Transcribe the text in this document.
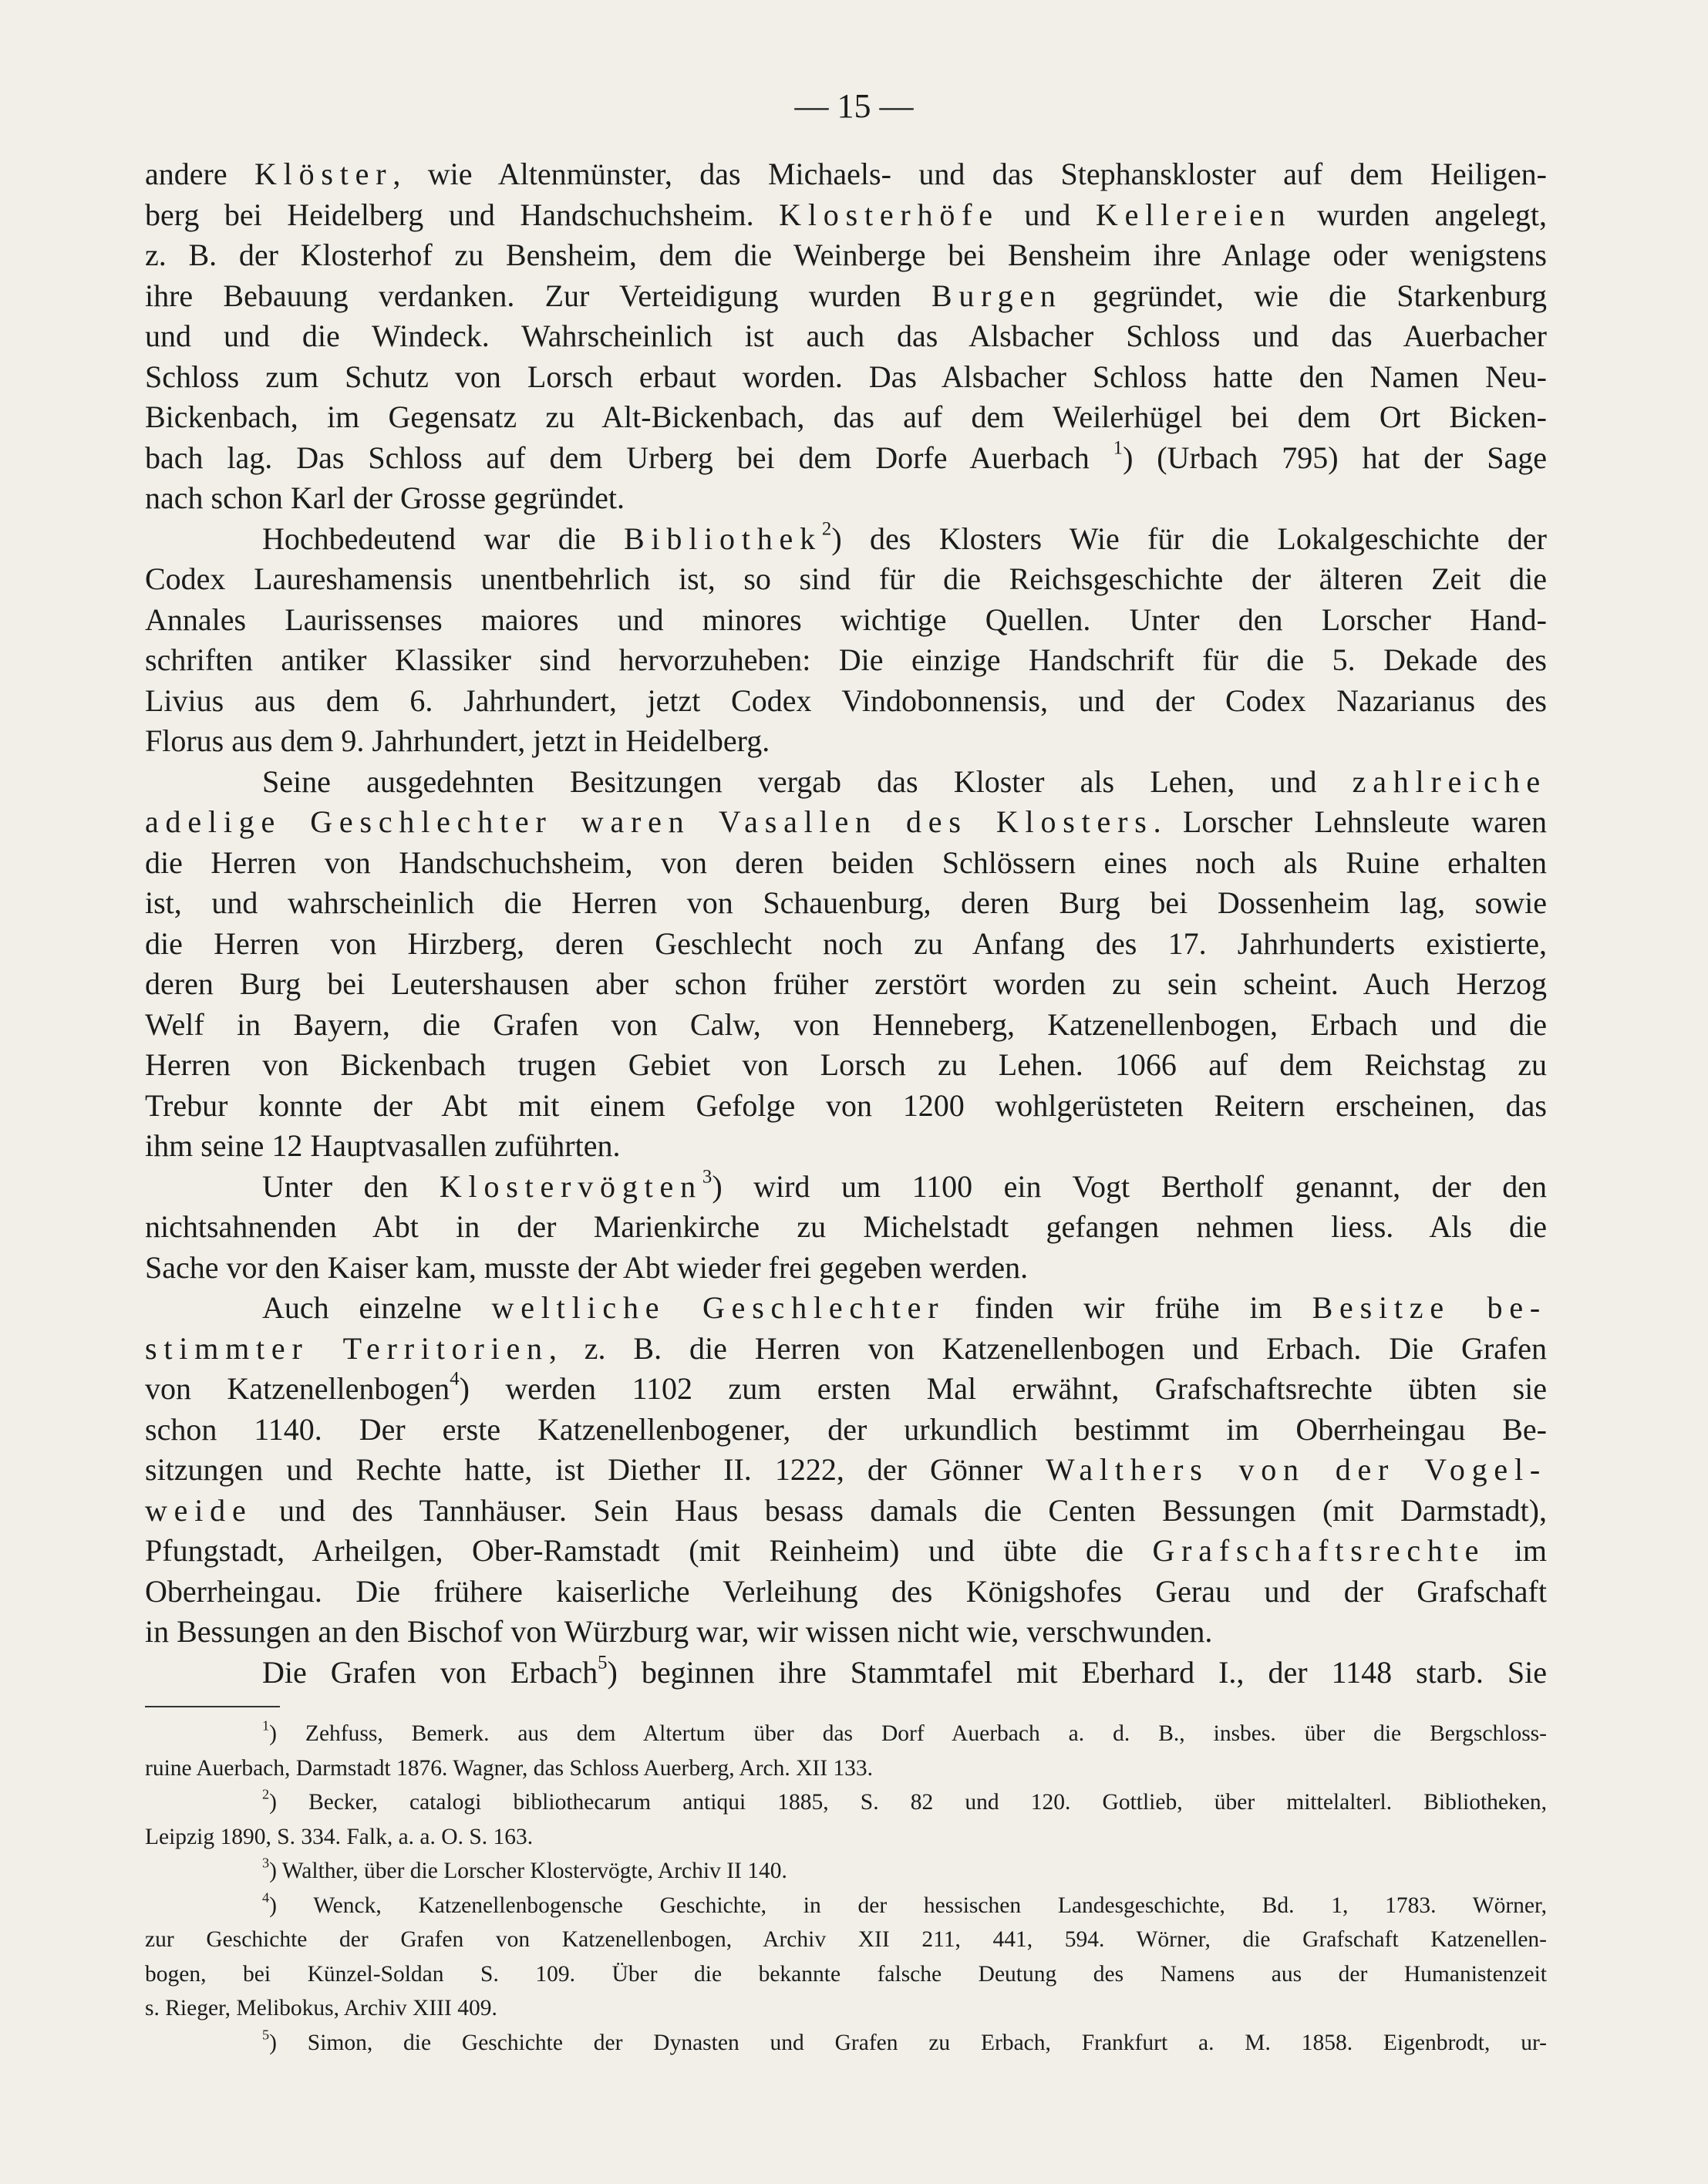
— 15 —
andere Klöster, wie Altenmünster, das Michaels- und das Stephanskloster auf dem Heiligen-
berg bei Heidelberg und Handschuchsheim. Klosterhöfe und Kellereien wurden angelegt,
z. B. der Klosterhof zu Bensheim, dem die Weinberge bei Bensheim ihre Anlage oder wenigstens
ihre Bebauung verdanken. Zur Verteidigung wurden Burgen gegründet, wie die Starkenburg
und und die Windeck. Wahrscheinlich ist auch das Alsbacher Schloss und das Auerbacher
Schloss zum Schutz von Lorsch erbaut worden. Das Alsbacher Schloss hatte den Namen Neu-
Bickenbach, im Gegensatz zu Alt-Bickenbach, das auf dem Weilerhügel bei dem Ort Bicken-
bach lag. Das Schloss auf dem Urberg bei dem Dorfe Auerbach $^1$) (Urbach 795) hat der Sage
nach schon Karl der Grosse gegründet.
Hochbedeutend war die Bibliothek$^2$) des Klosters Wie für die Lokalgeschichte der
Codex Laureshamensis unentbehrlich ist, so sind für die Reichsgeschichte der älteren Zeit die
Annales Laurissenses maiores und minores wichtige Quellen. Unter den Lorscher Hand-
schriften antiker Klassiker sind hervorzuheben: Die einzige Handschrift für die 5. Dekade des
Livius aus dem 6. Jahrhundert, jetzt Codex Vindobonnensis, und der Codex Nazarianus des
Florus aus dem 9. Jahrhundert, jetzt in Heidelberg.
Seine ausgedehnten Besitzungen vergab das Kloster als Lehen, und zahlreiche
adelige Geschlechter waren Vasallen des Klosters. Lorscher Lehnsleute waren
die Herren von Handschuchsheim, von deren beiden Schlössern eines noch als Ruine erhalten
ist, und wahrscheinlich die Herren von Schauenburg, deren Burg bei Dossenheim lag, sowie
die Herren von Hirzberg, deren Geschlecht noch zu Anfang des 17. Jahrhunderts existierte,
deren Burg bei Leutershausen aber schon früher zerstört worden zu sein scheint. Auch Herzog
Welf in Bayern, die Grafen von Calw, von Henneberg, Katzenellenbogen, Erbach und die
Herren von Bickenbach trugen Gebiet von Lorsch zu Lehen. 1066 auf dem Reichstag zu
Trebur konnte der Abt mit einem Gefolge von 1200 wohlgerüsteten Reitern erscheinen, das
ihm seine 12 Hauptvasallen zuführten.
Unter den Klostervögten$^3$) wird um 1100 ein Vogt Bertholf genannt, der den
nichtsahnenden Abt in der Marienkirche zu Michelstadt gefangen nehmen liess. Als die
Sache vor den Kaiser kam, musste der Abt wieder frei gegeben werden.
Auch einzelne weltliche Geschlechter finden wir frühe im Besitze be-
stimmter Territorien, z. B. die Herren von Katzenellenbogen und Erbach. Die Grafen
von Katzenellenbogen$^4$) werden 1102 zum ersten Mal erwähnt, Grafschaftsrechte übten sie
schon 1140. Der erste Katzenellenbogener, der urkundlich bestimmt im Oberrheingau Be-
sitzungen und Rechte hatte, ist Diether II. 1222, der Gönner Walthers von der Vogel-
weide und des Tannhäuser. Sein Haus besass damals die Centen Bessungen (mit Darmstadt),
Pfungstadt, Arheilgen, Ober-Ramstadt (mit Reinheim) und übte die Grafschaftsrechte im
Oberrheingau. Die frühere kaiserliche Verleihung des Königshofes Gerau und der Grafschaft
in Bessungen an den Bischof von Würzburg war, wir wissen nicht wie, verschwunden.
Die Grafen von Erbach$^5$) beginnen ihre Stammtafel mit Eberhard I., der 1148 starb. Sie
$^1$) Zehfuss, Bemerk. aus dem Altertum über das Dorf Auerbach a. d. B., insbes. über die Bergschloss-
ruine Auerbach, Darmstadt 1876. Wagner, das Schloss Auerberg, Arch. XII 133.
$^2$) Becker, catalogi bibliothecarum antiqui 1885, S. 82 und 120. Gottlieb, über mittelalterl. Bibliotheken,
Leipzig 1890, S. 334. Falk, a. a. O. S. 163.
$^3$) Walther, über die Lorscher Klostervögte, Archiv II 140.
$^4$) Wenck, Katzenellenbogensche Geschichte, in der hessischen Landesgeschichte, Bd. 1, 1783. Wörner,
zur Geschichte der Grafen von Katzenellenbogen, Archiv XII 211, 441, 594. Wörner, die Grafschaft Katzenellen-
bogen, bei Künzel-Soldan S. 109. Über die bekannte falsche Deutung des Namens aus der Humanistenzeit
s. Rieger, Melibokus, Archiv XIII 409.
$^5$) Simon, die Geschichte der Dynasten und Grafen zu Erbach, Frankfurt a. M. 1858. Eigenbrodt, ur-
